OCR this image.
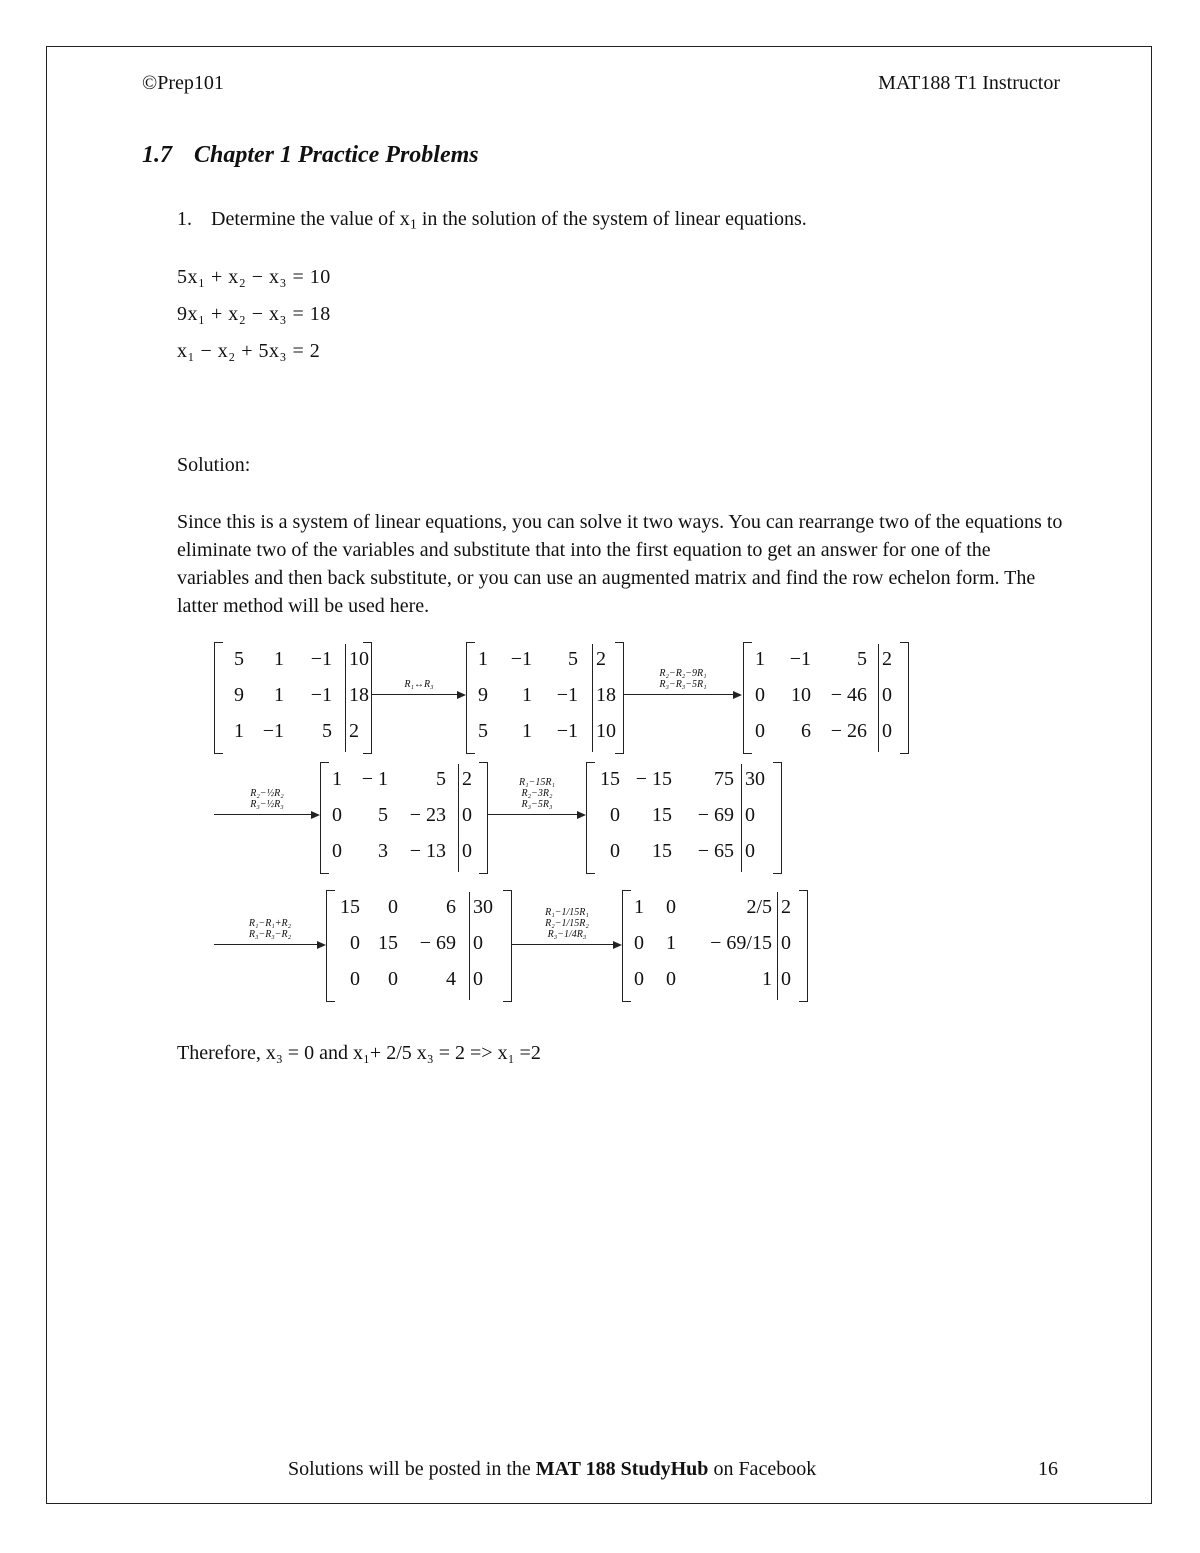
©Prep101	MAT188 T1 Instructor
1.7 Chapter 1 Practice Problems
1. Determine the value of $x_1$ in the solution of the system of linear equations.
5x₁ + x₂ − x₃ = 10
9x₁ + x₂ − x₃ = 18
x₁ − x₂ + 5x₃ = 2
Solution:
Since this is a system of linear equations, you can solve it two ways. You can rearrange two of the equations to eliminate two of the variables and substitute that into the first equation to get an answer for one of the variables and then back substitute, or you can use an augmented matrix and find the row echelon form. The latter method will be used here.
5 1 −1 10
9 1 −1 18
1 −1 5 2
1 −1 5 2
9 1 −1 18
5 1 −1 10
1 −1 5 2
0 10 − 46 0
0 6 − 26 0
1 − 1 5 2
0 5 − 23 0
0 3 − 13 0
15 − 15 75 30
0 15 − 69 0
0 15 − 65 0
15 0 6 30
0 15 − 69 0
0 0 4 0
1 0	2/5 2
0 1 − 69/15 0
0 0	1 0
R₁↔R₃
R₂−R₂−9R₁
R₃−R₃−5R₁
R₂−½R₂
R₃−½R₃
R₁−15R₁
R₂−3R₂
R₃−5R₃
R₁−R₁+R₂
R₃−R₃−R₂
R₁−1/15R₁
R₂−1/15R₂
R₃−1/4R₃
Therefore, x₃ = 0 and x₁+ 2/5 x₃ = 2 => x₁ =2
Solutions will be posted in the MAT 188 StudyHub on Facebook	16
